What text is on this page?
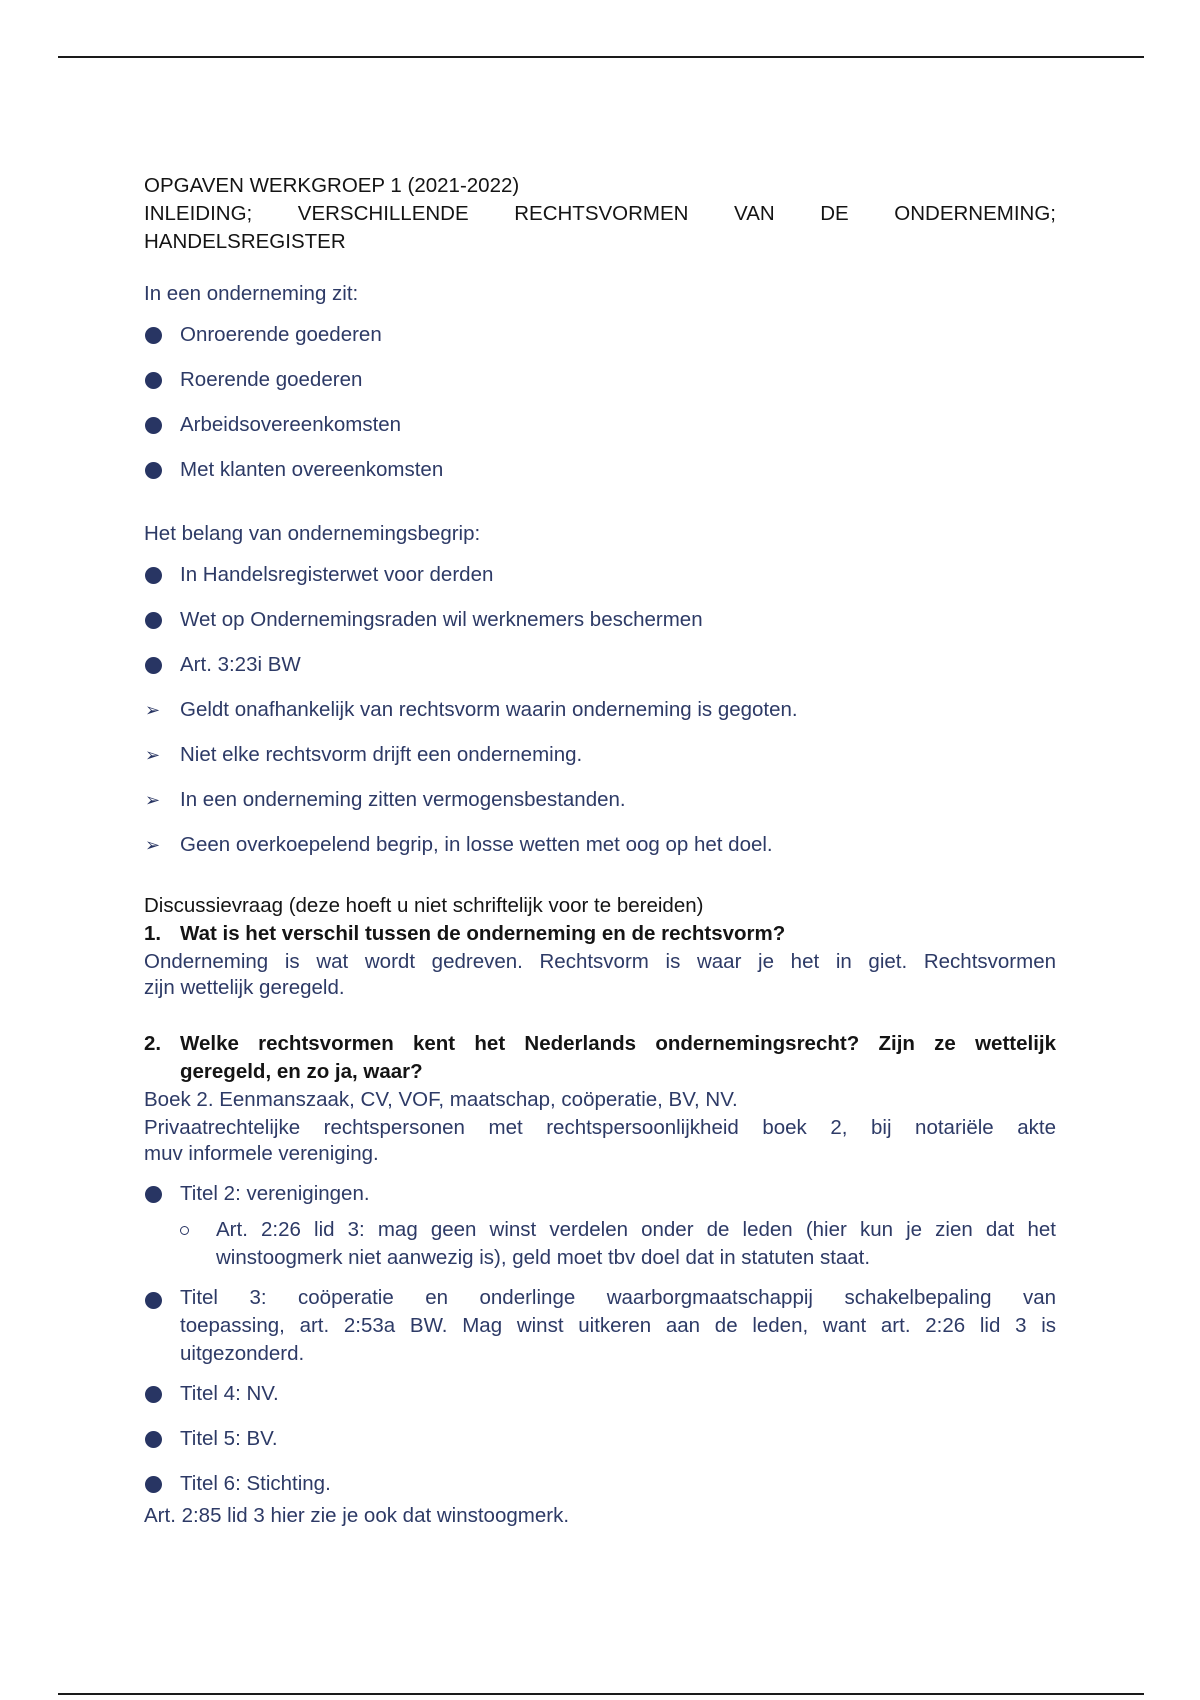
OPGAVEN WERKGROEP 1 (2021-2022)
INLEIDING; VERSCHILLENDE RECHTSVORMEN VAN DE ONDERNEMING;
HANDELSREGISTER
In een onderneming zit:
Onroerende goederen
Roerende goederen
Arbeidsovereenkomsten
Met klanten overeenkomsten
Het belang van ondernemingsbegrip:
In Handelsregisterwet voor derden
Wet op Ondernemingsraden wil werknemers beschermen
Art. 3:23i BW
➢ Geldt onafhankelijk van rechtsvorm waarin onderneming is gegoten.
➢ Niet elke rechtsvorm drijft een onderneming.
➢ In een onderneming zitten vermogensbestanden.
➢ Geen overkoepelend begrip, in losse wetten met oog op het doel.
Discussievraag (deze hoeft u niet schriftelijk voor te bereiden)
1. Wat is het verschil tussen de onderneming en de rechtsvorm?
Onderneming is wat wordt gedreven. Rechtsvorm is waar je het in giet. Rechtsvormen
zijn wettelijk geregeld.
2. Welke rechtsvormen kent het Nederlands ondernemingsrecht? Zijn ze wettelijk
geregeld, en zo ja, waar?
Boek 2. Eenmanszaak, CV, VOF, maatschap, coöperatie, BV, NV.
Privaatrechtelijke rechtspersonen met rechtspersoonlijkheid boek 2, bij notariële akte
muv informele vereniging.
Titel 2: verenigingen.
Art. 2:26 lid 3: mag geen winst verdelen onder de leden (hier kun je zien dat het
winstoogmerk niet aanwezig is), geld moet tbv doel dat in statuten staat.
Titel 3: coöperatie en onderlinge waarborgmaatschappij schakelbepaling van
toepassing, art. 2:53a BW. Mag winst uitkeren aan de leden, want art. 2:26 lid 3 is
uitgezonderd.
Titel 4: NV.
Titel 5: BV.
Titel 6: Stichting.
Art. 2:85 lid 3 hier zie je ook dat winstoogmerk.
